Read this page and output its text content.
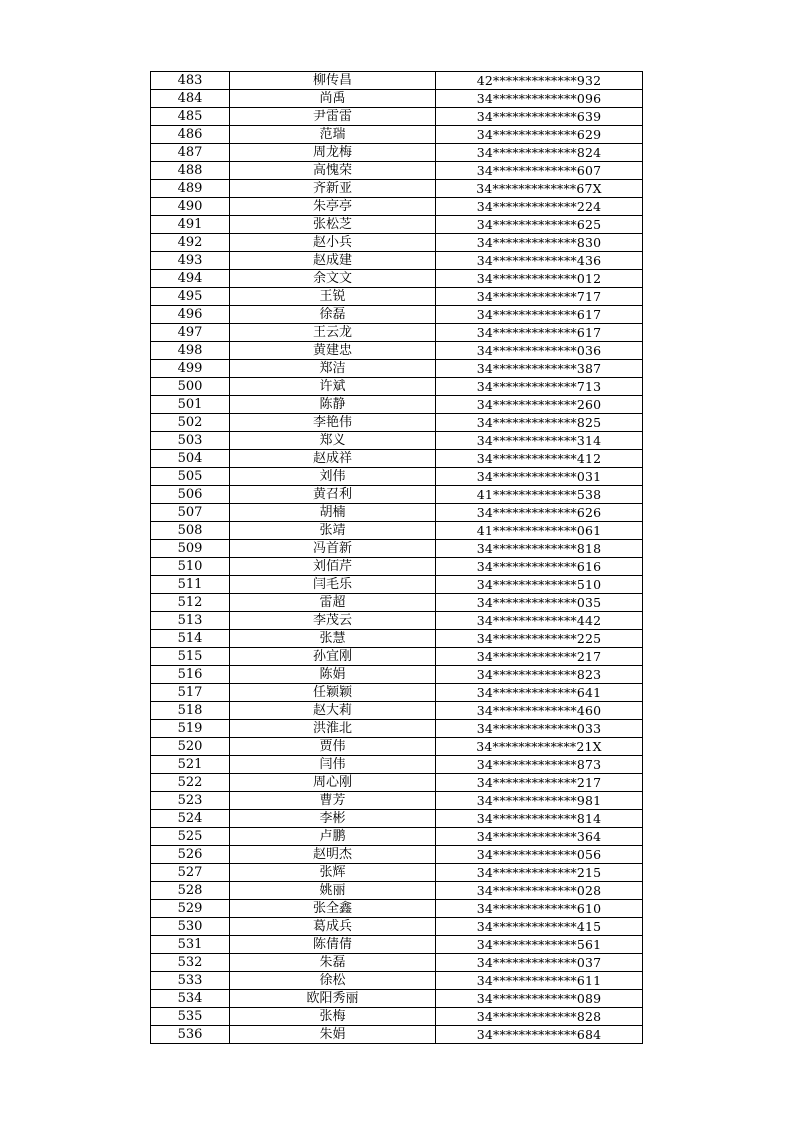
483	柳传昌	42*************932
484	尚禹	34*************096
485	尹雷雷	34*************639
486	范瑞	34*************629
487	周龙梅	34*************824
488	高愧荣	34*************607
489	齐新亚	34*************67X
490	朱亭亭	34*************224
491	张松芝	34*************625
492	赵小兵	34*************830
493	赵成建	34*************436
494	余文文	34*************012
495	王锐	34*************717
496	徐磊	34*************617
497	王云龙	34*************617
498	黄建忠	34*************036
499	郑洁	34*************387
500	许斌	34*************713
501	陈静	34*************260
502	李艳伟	34*************825
503	郑义	34*************314
504	赵成祥	34*************412
505	刘伟	34*************031
506	黄召利	41*************538
507	胡楠	34*************626
508	张靖	41*************061
509	冯首新	34*************818
510	刘佰芹	34*************616
511	闫毛乐	34*************510
512	雷超	34*************035
513	李茂云	34*************442
514	张慧	34*************225
515	孙宜刚	34*************217
516	陈娟	34*************823
517	任颖颖	34*************641
518	赵大莉	34*************460
519	洪淮北	34*************033
520	贾伟	34*************21X
521	闫伟	34*************873
522	周心刚	34*************217
523	曹芳	34*************981
524	李彬	34*************814
525	卢鹏	34*************364
526	赵明杰	34*************056
527	张辉	34*************215
528	姚丽	34*************028
529	张全鑫	34*************610
530	葛成兵	34*************415
531	陈倩倩	34*************561
532	朱磊	34*************037
533	徐松	34*************611
534	欧阳秀丽	34*************089
535	张梅	34*************828
536	朱娟	34*************684
